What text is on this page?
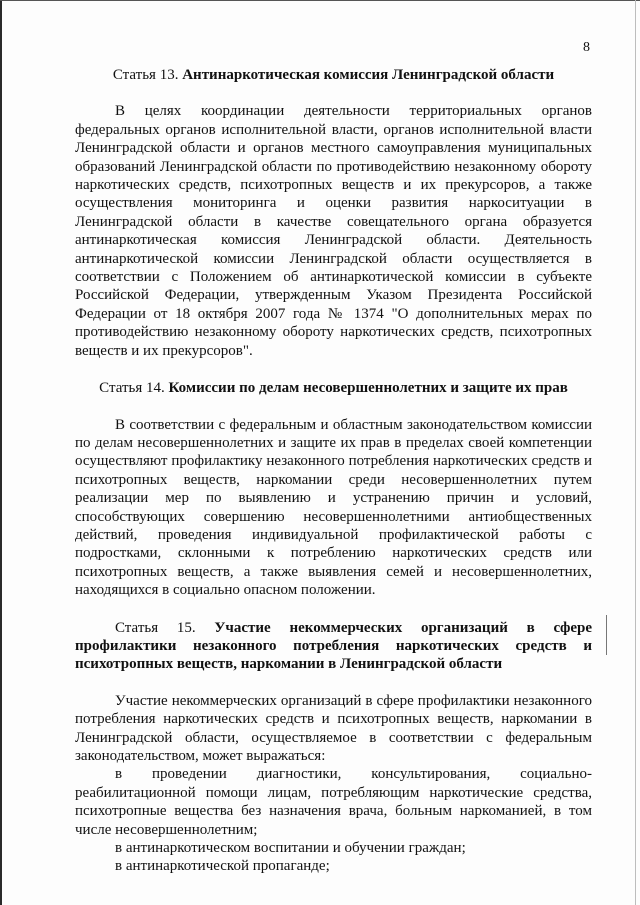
8
Статья 13. Антинаркотическая комиссия Ленинградской области

В целях координации деятельности территориальных органов федеральных органов исполнительной власти, органов исполнительной власти Ленинградской области и органов местного самоуправления муниципальных образований Ленинградской области по противодействию незаконному обороту наркотических средств, психотропных веществ и их прекурсоров, а также осуществления мониторинга и оценки развития наркоситуации в Ленинградской области в качестве совещательного органа образуется антинаркотическая комиссия Ленинградской области. Деятельность антинаркотической комиссии Ленинградской области осуществляется в соответствии с Положением об антинаркотической комиссии в субъекте Российской Федерации, утвержденным Указом Президента Российской Федерации от 18 октября 2007 года № 1374 "О дополнительных мерах по противодействию незаконному обороту наркотических средств, психотропных веществ и их прекурсоров".

Статья 14. Комиссии по делам несовершеннолетних и защите их прав

В соответствии с федеральным и областным законодательством комиссии по делам несовершеннолетних и защите их прав в пределах своей компетенции осуществляют профилактику незаконного потребления наркотических средств и психотропных веществ, наркомании среди несовершеннолетних путем реализации мер по выявлению и устранению причин и условий, способствующих совершению несовершеннолетними антиобщественных действий, проведения индивидуальной профилактической работы с подростками, склонными к потреблению наркотических средств или психотропных веществ, а также выявления семей и несовершеннолетних, находящихся в социально опасном положении.

Статья 15. Участие некоммерческих организаций в сфере профилактики незаконного потребления наркотических средств и психотропных веществ, наркомании в Ленинградской области

Участие некоммерческих организаций в сфере профилактики незаконного потребления наркотических средств и психотропных веществ, наркомании в Ленинградской области, осуществляемое в соответствии с федеральным законодательством, может выражаться:

в проведении диагностики, консультирования, социально-реабилитационной помощи лицам, потребляющим наркотические средства, психотропные вещества без назначения врача, больным наркоманией, в том числе несовершеннолетним;

в антинаркотическом воспитании и обучении граждан;

в антинаркотической пропаганде;
